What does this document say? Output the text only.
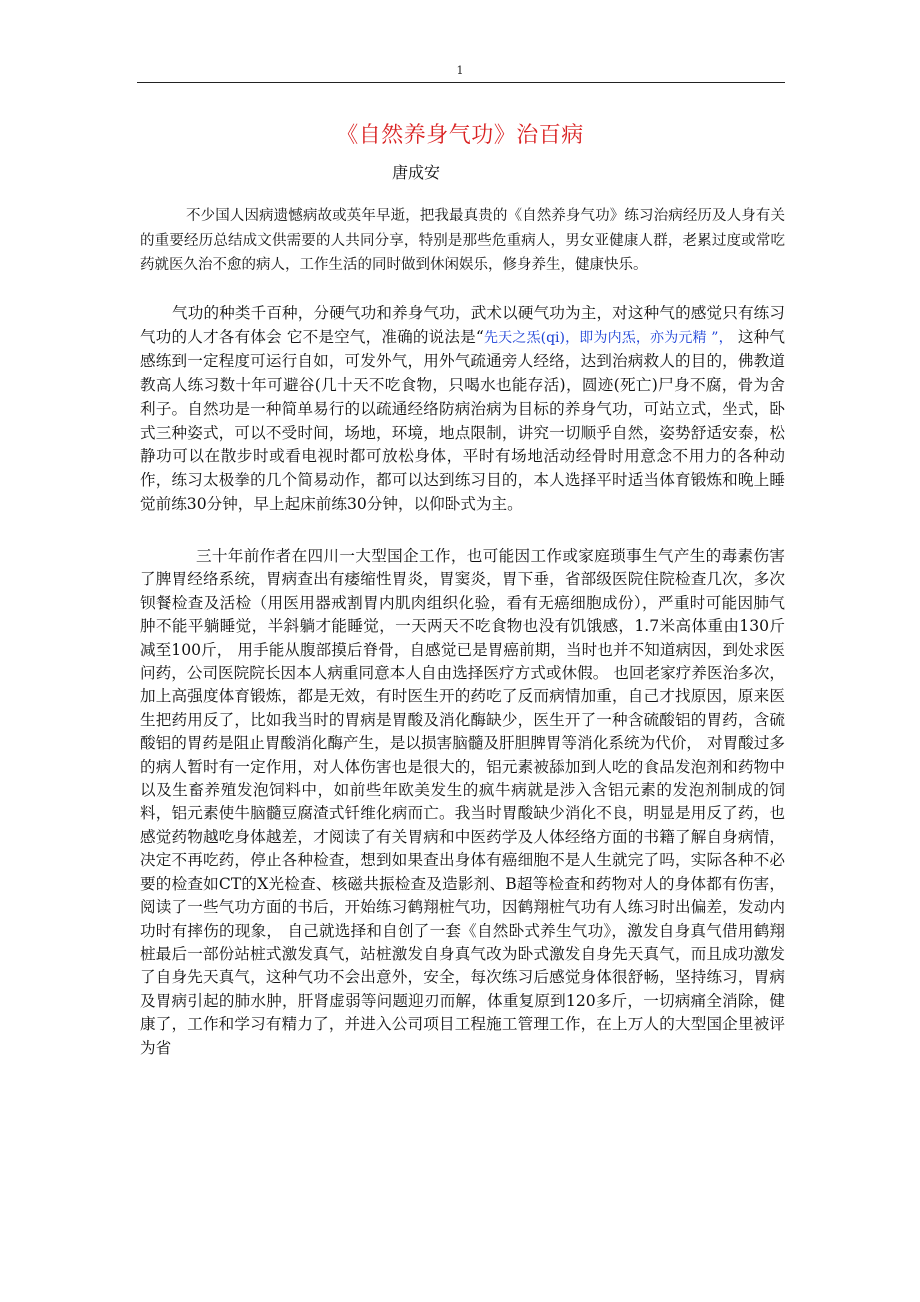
1
《自然养身气功》治百病
唐成安

不少国人因病遗憾病故或英年早逝，把我最真贵的《自然养身气功》练习治病经历及人身有关的重要经历总结成文供需要的人共同分享，特别是那些危重病人，男女亚健康人群，老累过度或常吃药就医久治不愈的病人，工作生活的同时做到休闲娱乐，修身养生，健康快乐。

气功的种类千百种，分硬气功和养身气功，武术以硬气功为主，对这种气的感觉只有练习气功的人才各有体会 它不是空气，准确的说法是“先天之炁(qi)，即为内炁，亦为元精 ”， 这种气感练到一定程度可运行自如，可发外气，用外气疏通旁人经络，达到治病救人的目的，佛教道教高人练习数十年可避谷(几十天不吃食物，只喝水也能存活)，圆迹(死亡)尸身不腐，骨为舍利子。自然功是一种简单易行的以疏通经络防病治病为目标的养身气功，可站立式，坐式，卧式三种姿式，可以不受时间，场地，环境，地点限制，讲究一切顺乎自然，姿势舒适安泰，松静功可以在散步时或看电视时都可放松身体，平时有场地活动经骨时用意念不用力的各种动作，练习太极拳的几个简易动作，都可以达到练习目的，本人选择平时适当体育锻炼和晚上睡觉前练30分钟，早上起床前练30分钟，以仰卧式为主。

三十年前作者在四川一大型国企工作，也可能因工作或家庭琐事生气产生的毒素伤害了脾胃经络系统，胃病查出有痿缩性胃炎，胃窦炎，胃下垂，省部级医院住院检查几次，多次钡餐检查及活检（用医用器戒割胃内肌肉组织化验，看有无癌细胞成份），严重时可能因肺气肿不能平躺睡觉，半斜躺才能睡觉，一天两天不吃食物也没有饥饿感，1.7米高体重由130斤减至100斤， 用手能从腹部摸后脊骨，自感觉已是胃癌前期，当时也并不知道病因，到处求医问药，公司医院院长因本人病重同意本人自由选择医疗方式或休假。 也回老家疗养医治多次，加上高强度体育锻炼，都是无效，有时医生开的药吃了反而病情加重，自己才找原因，原来医生把药用反了，比如我当时的胃病是胃酸及消化酶缺少，医生开了一种含硫酸铝的胃药，含硫酸铝的胃药是阻止胃酸消化酶产生，是以损害脑髓及肝胆脾胃等消化系统为代价， 对胃酸过多的病人暂时有一定作用，对人体伤害也是很大的，铝元素被舔加到人吃的食品发泡剂和药物中以及生畜养殖发泡饲料中，如前些年欧美发生的疯牛病就是涉入含铝元素的发泡剂制成的饲料，铝元素使牛脑髓豆腐渣式钎维化病而亡。我当时胃酸缺少消化不良，明显是用反了药，也感觉药物越吃身体越差，才阅读了有关胃病和中医药学及人体经络方面的书籍了解自身病情，决定不再吃药，停止各种检查，想到如果查出身体有癌细胞不是人生就完了吗，实际各种不必要的检查如CT的X光检查、核磁共振检查及造影剂、B超等检查和药物对人的身体都有伤害，阅读了一些气功方面的书后，开始练习鹤翔桩气功，因鹤翔桩气功有人练习时出偏差，发动内功时有摔伤的现象， 自己就选择和自创了一套《自然卧式养生气功》，激发自身真气借用鹤翔桩最后一部份站桩式激发真气，站桩激发自身真气改为卧式激发自身先天真气，而且成功激发了自身先天真气，这种气功不会出意外，安全，每次练习后感觉身体很舒畅，坚持练习，胃病及胃病引起的肺水肿，肝肾虚弱等问题迎刃而解，体重复原到120多斤，一切病痛全消除，健康了，工作和学习有精力了，并进入公司项目工程施工管理工作，在上万人的大型国企里被评为省
